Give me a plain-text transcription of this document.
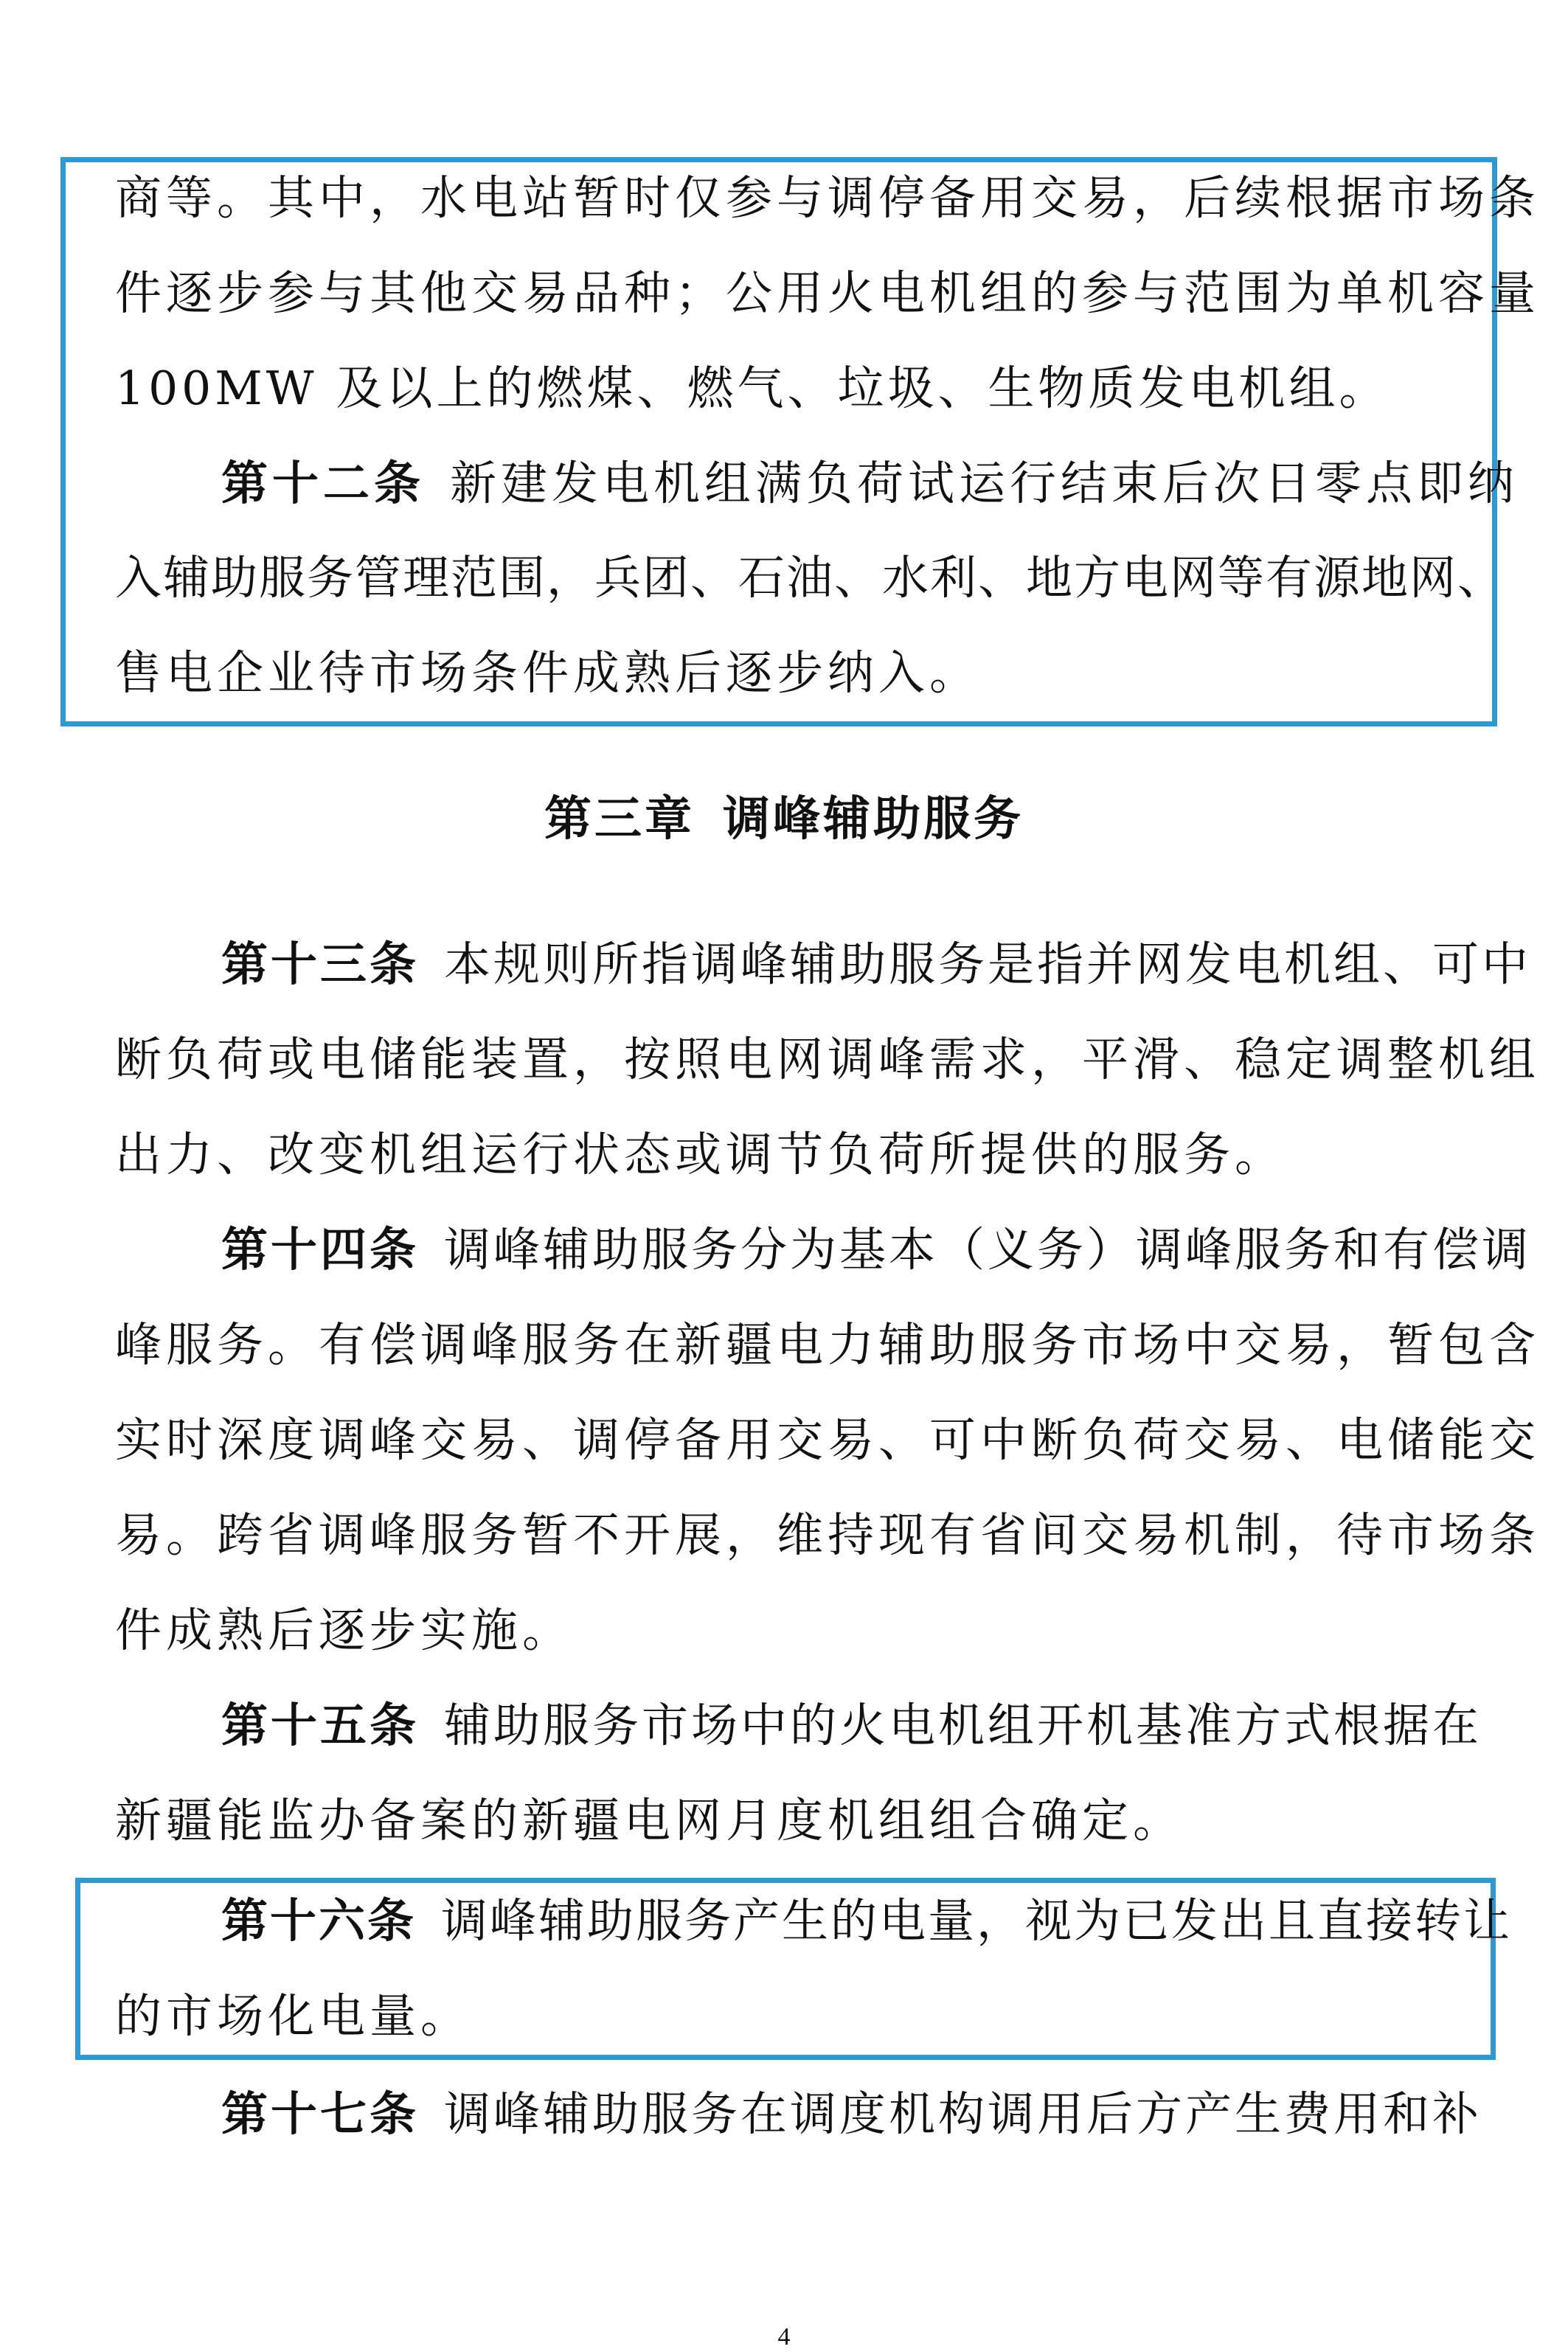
商等。其中，水电站暂时仅参与调停备用交易，后续根据市场条
件逐步参与其他交易品种；公用火电机组的参与范围为单机容量
100MW 及以上的燃煤、燃气、垃圾、生物质发电机组。
第十二条 新建发电机组满负荷试运行结束后次日零点即纳
入辅助服务管理范围，兵团、石油、水利、地方电网等有源地网、
售电企业待市场条件成熟后逐步纳入。
第三章 调峰辅助服务
第十三条 本规则所指调峰辅助服务是指并网发电机组、可中
断负荷或电储能装置，按照电网调峰需求，平滑、稳定调整机组
出力、改变机组运行状态或调节负荷所提供的服务。
第十四条 调峰辅助服务分为基本（义务）调峰服务和有偿调
峰服务。有偿调峰服务在新疆电力辅助服务市场中交易，暂包含
实时深度调峰交易、调停备用交易、可中断负荷交易、电储能交
易。跨省调峰服务暂不开展，维持现有省间交易机制，待市场条
件成熟后逐步实施。
第十五条 辅助服务市场中的火电机组开机基准方式根据在
新疆能监办备案的新疆电网月度机组组合确定。
第十六条 调峰辅助服务产生的电量，视为已发出且直接转让
的市场化电量。
第十七条 调峰辅助服务在调度机构调用后方产生费用和补
4
